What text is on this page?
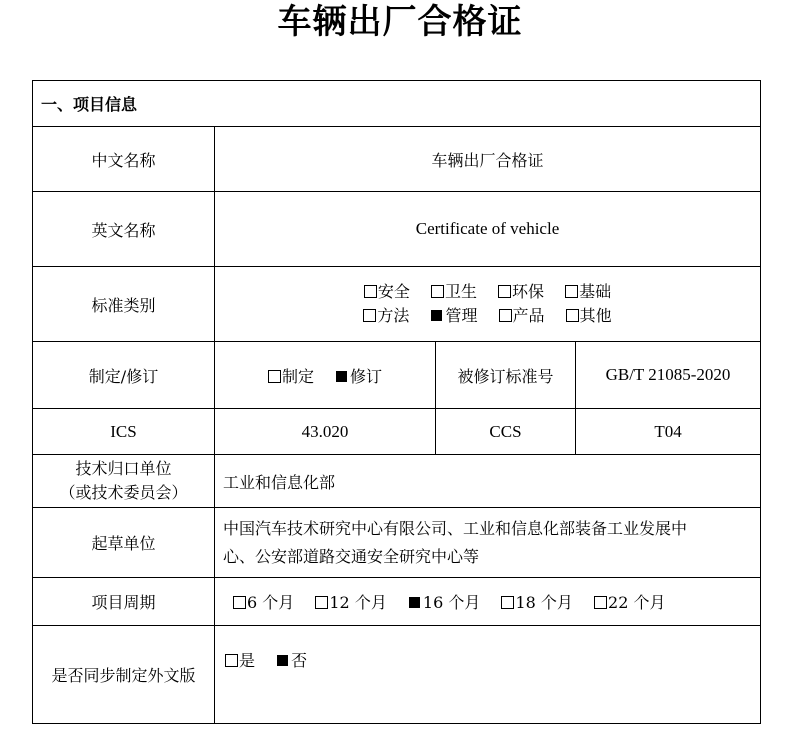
车辆出厂合格证
一、项目信息			
中文名称	车辆出厂合格证		
英文名称	Certificate of vehicle		
标准类别	安全 卫生 环保 基础
方法 管理 产品 其他		

制定/修订	制定 修订	被修订标准号	GB/T 21085-2020
ICS	43.020	CCS	T04

技术归口单位
（或技术委员会）	工业和信息化部		
起草单位	中国汽车技术研究中心有限公司、工业和信息化部装备工业发展中
心、公安部道路交通安全研究中心等		

项目周期	6 个月 12 个月 16 个月 18 个月 22 个月		
是否同步制定外文版	是 否		
